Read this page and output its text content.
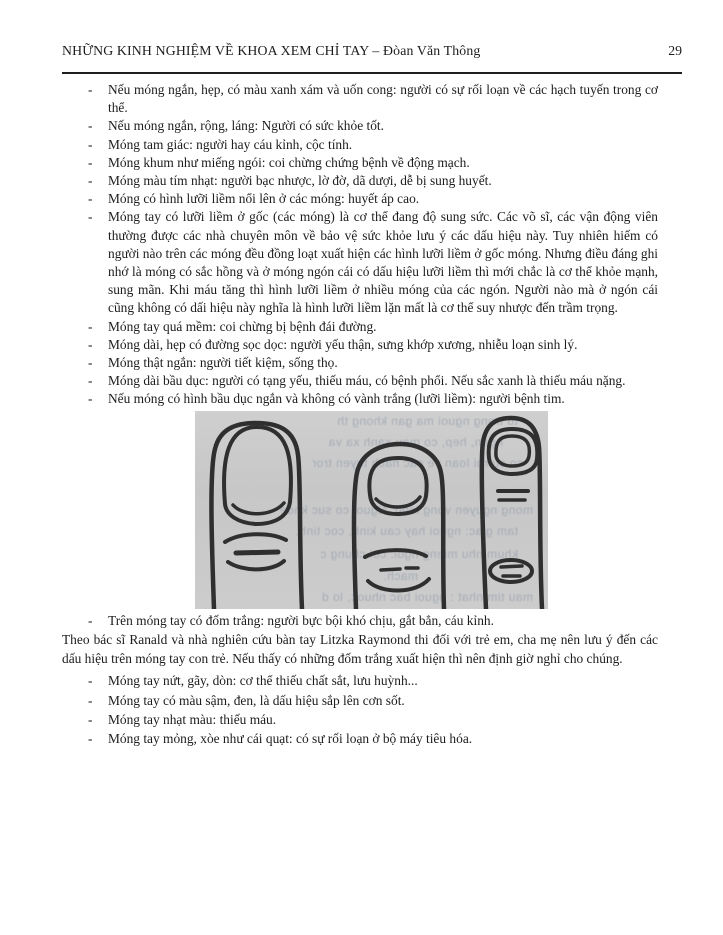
NHỮNG KINH NGHIỆM VỀ KHOA XEM CHỈ TAY – Đòan Văn Thông	29
- Nếu móng ngắn, hẹp, có màu xanh xám và uốn cong: người có sự rối loạn về các hạch tuyến trong cơ thể.
- Nếu móng ngắn, rộng, láng: Người có sức khỏe tốt.
- Móng tam giác: người hay cáu kỉnh, cộc tính.
- Móng khum như miếng ngói: coi chừng chứng bệnh về động mạch.
- Móng màu tím nhạt: người bạc nhược, lờ đờ, dã dượi, dễ bị sung huyết.
- Móng có hình lưỡi liềm nổi lên ở các móng: huyết áp cao.
- Móng tay có lưỡi liềm ở gốc (các móng) là cơ thể đang độ sung sức. Các võ sĩ, các vận động viên thường được các nhà chuyên môn về bảo vệ sức khỏe lưu ý các dấu hiệu này. Tuy nhiên hiếm có người nào trên các móng đều đồng loạt xuất hiện các hình lưỡi liềm ở gốc móng. Nhưng điều đáng ghi nhớ là móng có sắc hồng và ở móng ngón cái có dấu hiệu lưỡi liềm thì mới chắc là cơ thể khỏe mạnh, sung mãn. Khi máu tăng thì hình lưỡi liềm ở nhiều móng của các ngón. Người nào mà ở ngón cái cũng không có dấi hiệu này nghĩa là hình lưỡi liềm lặn mất là cơ thể suy nhược đến trầm trọng.
- Móng tay quá mềm: coi chừng bị bệnh đái đường.
- Móng dài, hẹp có đường sọc dọc: người yếu thận, sưng khớp xương, nhiễu loạn sinh lý.
- Móng thật ngắn: người tiết kiệm, sống thọ.
- Móng dài bầu dục: người có tạng yếu, thiếu máu, có bệnh phổi. Nếu sắc xanh là thiếu máu nặng.
- Nếu móng có hình bầu dục ngắn và không có vành trắng (lưỡi liềm): người bệnh tim.
tu trong nguoi ma gan khong th
ngan, hep, co mau xanh xa va
co su roi loan ve cac hach tuyen tror
mong nguyen vong lang: Nguoi co suc khoe
tam giac: nguoi hay cau kinh, coc tinh.
khum nhu mieng ngoi: coi chung c
mach.
mau tim nhat : nguoi bac nhuoc, lo d
- Trên móng tay có đốm trắng: người bực bội khó chịu, gắt bẳn, cáu kỉnh.

Theo bác sĩ Ranald và nhà nghiên cứu bàn tay Litzka Raymond thi đối với trẻ em, cha mẹ nên lưu ý đến các dấu hiệu trên móng tay con trẻ. Nếu thấy có những đốm trắng xuất hiện thì nên định giờ nghỉ cho chúng.

- Móng tay nứt, gãy, dòn: cơ thể thiếu chất sắt, lưu huỳnh...
- Móng tay có màu sậm, đen, là dấu hiệu sắp lên cơn sốt.
- Móng tay nhạt màu: thiếu máu.
- Móng tay mỏng, xòe như cái quạt: có sự rối loạn ở bộ máy tiêu hóa.
